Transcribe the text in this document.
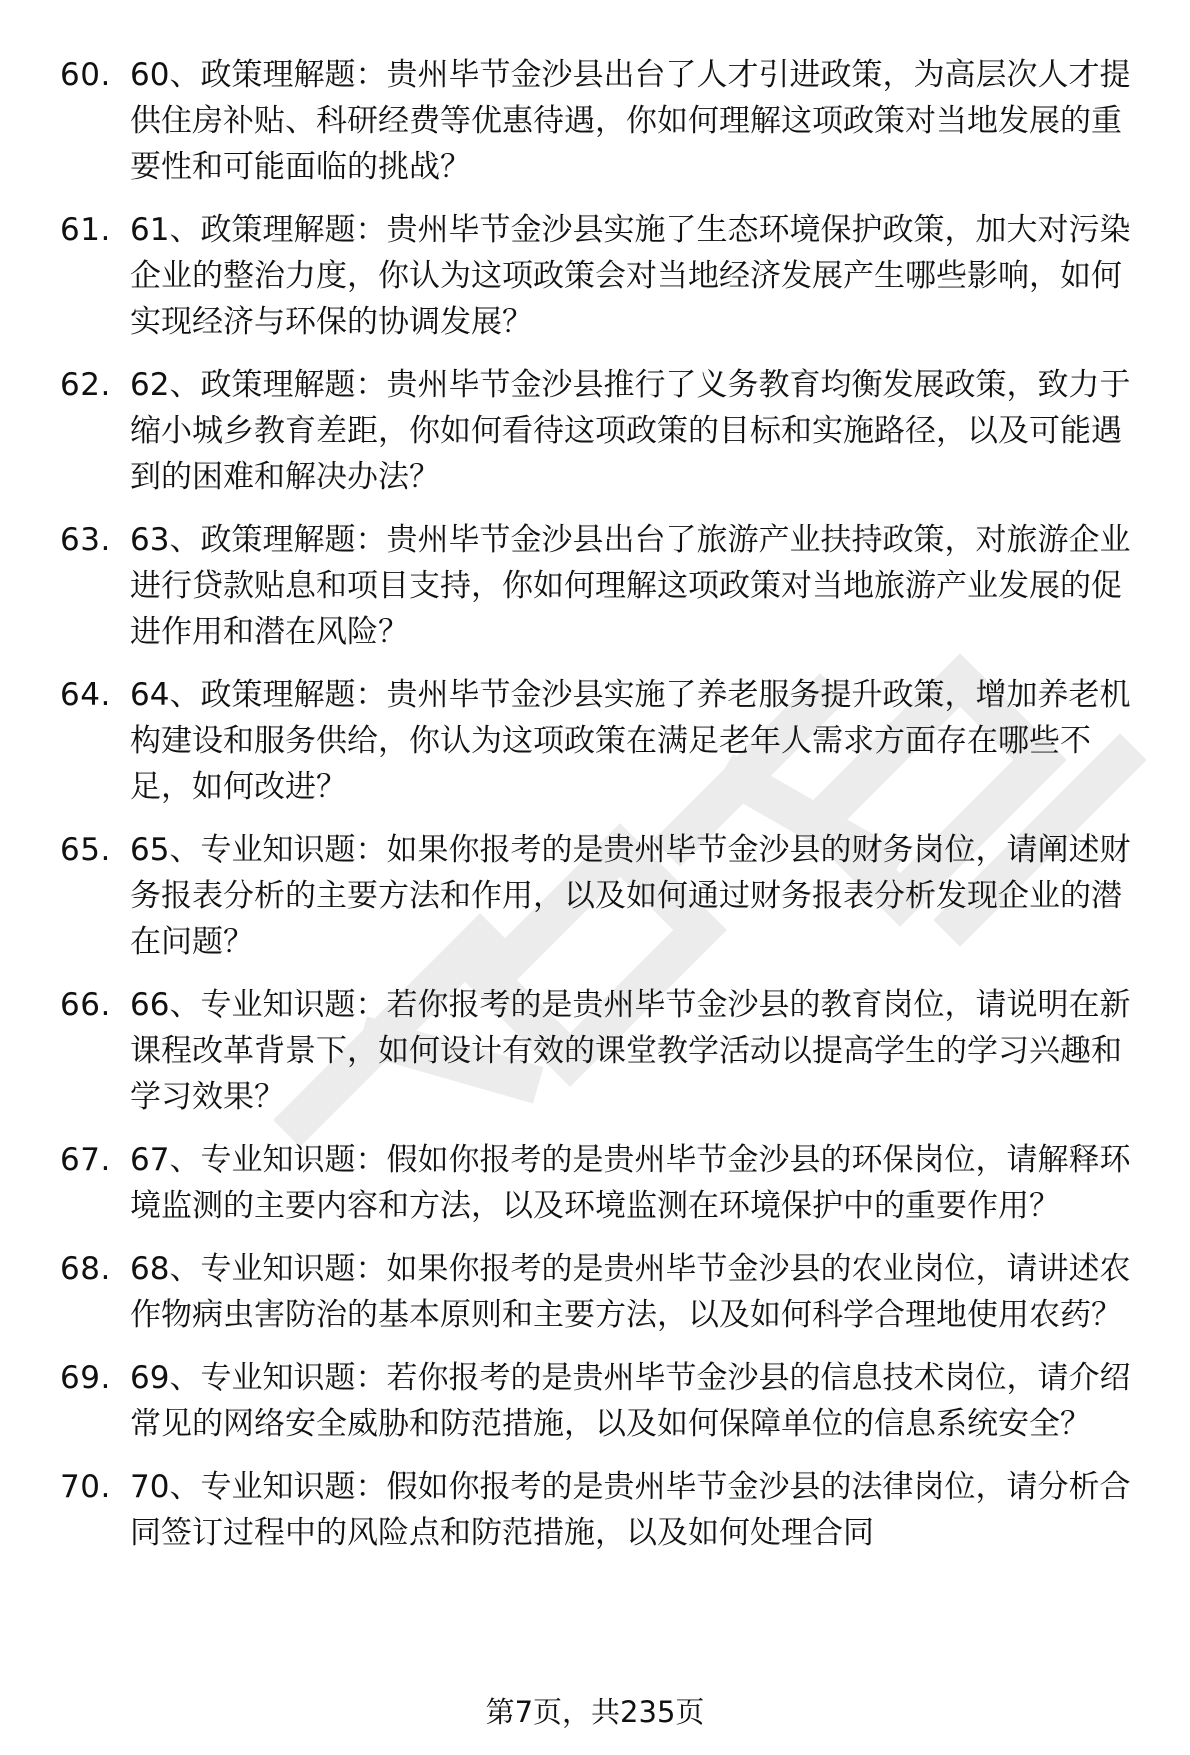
60. 60、政策理解题：贵州毕节金沙县出台了人才引进政策，为高层次人才提供住房补贴、科研经费等优惠待遇，你如何理解这项政策对当地发展的重要性和可能面临的挑战？
61. 61、政策理解题：贵州毕节金沙县实施了生态环境保护政策，加大对污染企业的整治力度，你认为这项政策会对当地经济发展产生哪些影响，如何实现经济与环保的协调发展？
62. 62、政策理解题：贵州毕节金沙县推行了义务教育均衡发展政策，致力于缩小城乡教育差距，你如何看待这项政策的目标和实施路径，以及可能遇到的困难和解决办法？
63. 63、政策理解题：贵州毕节金沙县出台了旅游产业扶持政策，对旅游企业进行贷款贴息和项目支持，你如何理解这项政策对当地旅游产业发展的促进作用和潜在风险？
64. 64、政策理解题：贵州毕节金沙县实施了养老服务提升政策，增加养老机构建设和服务供给，你认为这项政策在满足老年人需求方面存在哪些不足，如何改进？
65. 65、专业知识题：如果你报考的是贵州毕节金沙县的财务岗位，请阐述财务报表分析的主要方法和作用，以及如何通过财务报表分析发现企业的潜在问题？
66. 66、专业知识题：若你报考的是贵州毕节金沙县的教育岗位，请说明在新课程改革背景下，如何设计有效的课堂教学活动以提高学生的学习兴趣和学习效果？
67. 67、专业知识题：假如你报考的是贵州毕节金沙县的环保岗位，请解释环境监测的主要内容和方法，以及环境监测在环境保护中的重要作用？
68. 68、专业知识题：如果你报考的是贵州毕节金沙县的农业岗位，请讲述农作物病虫害防治的基本原则和主要方法，以及如何科学合理地使用农药？
69. 69、专业知识题：若你报考的是贵州毕节金沙县的信息技术岗位，请介绍常见的网络安全威胁和防范措施，以及如何保障单位的信息系统安全？
70. 70、专业知识题：假如你报考的是贵州毕节金沙县的法律岗位，请分析合同签订过程中的风险点和防范措施，以及如何处理合同
第7页，共235页
